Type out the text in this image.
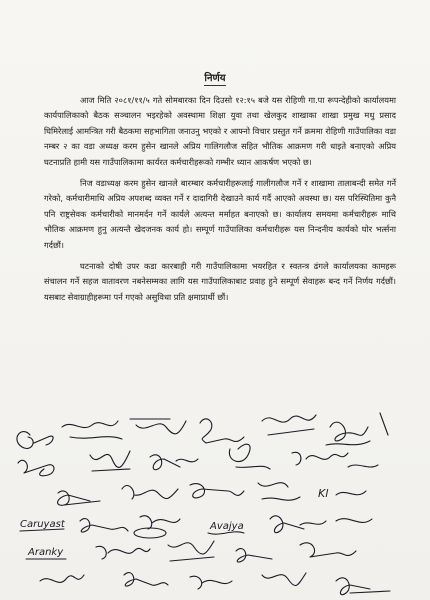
निर्णय

आज मिति २०८१/११/५ गते सोमबारका दिन दिउसो १२:१५ बजे यस रोहिणी गा.पा रूपन्देहीको कार्यालयमा कार्यपालिकाको बैठक सञ्चालन भइरहेको अवस्थामा शिक्षा युवा तथा खेलकुद शाखाका शाखा प्रमुख मधु प्रसाद घिमिरेलाई आमन्त्रित गरी बैठकमा सहभागिता जनाउनु भएको र आफ्नो विचार प्रस्तुत गर्ने क्रममा रोहिणी गाउँपालिका वडा नम्बर २ का वडा अध्यक्ष करम हुसेन खानले अप्रिय गालिगलौज सहित भौतिक आक्रमण गरी धाइते बनाएको अप्रिय घटनाप्रति हामी यस गाउँपालिकामा कार्यरत कर्मचारीहरूको गम्भीर ध्यान आकर्षण भएको छ।

निज वडाध्यक्ष करम हुसेन खानले बारम्बार कर्मचारीहरूलाई गालीगलौज गर्ने र शाखामा तालाबन्दी समेत गर्ने गरेको, कर्मचारीमाथि अप्रिय अपशब्द व्यक्त गर्ने र दादागिरी देखाउने कार्य गर्दै आएको अवस्था छ। यस परिस्थितिमा कुनै पनि राष्ट्रसेवक कर्मचारीको मानमर्दन गर्ने कार्यले अत्यन्त मर्माहत बनाएको छ। कार्यालय समयमा कर्मचारीहरू माथि भौतिक आक्रमण हुनु अत्यन्तै खेदजनक कार्य हो। सम्पूर्ण गाउँपालिका कर्मचारीहरू यस निन्दनीय कार्यको घोर भर्त्सना गर्दछौं।

घटनाको दोषी उपर कडा कारबाही गरी गाउँपालिकामा भयरहित र स्वतन्त्र ढंगले कार्यालयका कामहरू संचालन गर्ने सहज वातावरण नबनेसम्मका लागि यस गाउँपालिकाबाट प्रवाह हुने सम्पूर्ण सेवाहरू बन्द गर्ने निर्णय गर्दछौं। यसबाट सेवाग्राहीहरूमा पर्न गएको असुविधा प्रति क्षमाप्रार्थी छौं।

Kl
Caruyast	Avajya
Aranky
